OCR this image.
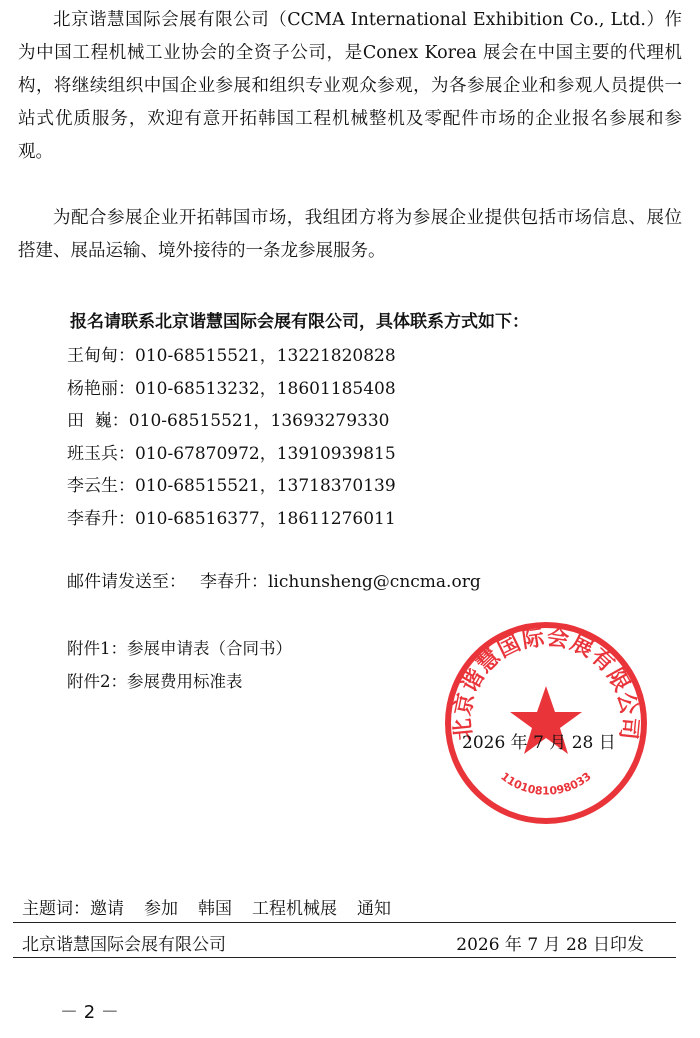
北京谐慧国际会展有限公司（CCMA International Exhibition Co., Ltd.）作为中国工程机械工业协会的全资子公司，是Conex Korea 展会在中国主要的代理机构，将继续组织中国企业参展和组织专业观众参观，为各参展企业和参观人员提供一站式优质服务，欢迎有意开拓韩国工程机械整机及零配件市场的企业报名参展和参观。

为配合参展企业开拓韩国市场，我组团方将为参展企业提供包括市场信息、展位搭建、展品运输、境外接待的一条龙参展服务。

报名请联系北京谐慧国际会展有限公司，具体联系方式如下：

王甸甸：010-68515521，13221820828
杨艳丽：010-68513232，18601185408
田  巍：010-68515521，13693279330
班玉兵：010-67870972，13910939815
李云生：010-68515521，13718370139
李春升：010-68516377，18611276011

邮件请发送至： 李春升：lichunsheng@cncma.org

附件1：参展申请表（合同书）
附件2：参展费用标准表
北京谐慧国际会展有限公司
1101081098033

2026 年 7 月 28 日

主题词：邀请 参加 韩国 工程机械展 通知

北京谐慧国际会展有限公司	2026 年 7 月 28 日印发

－ 2 －
